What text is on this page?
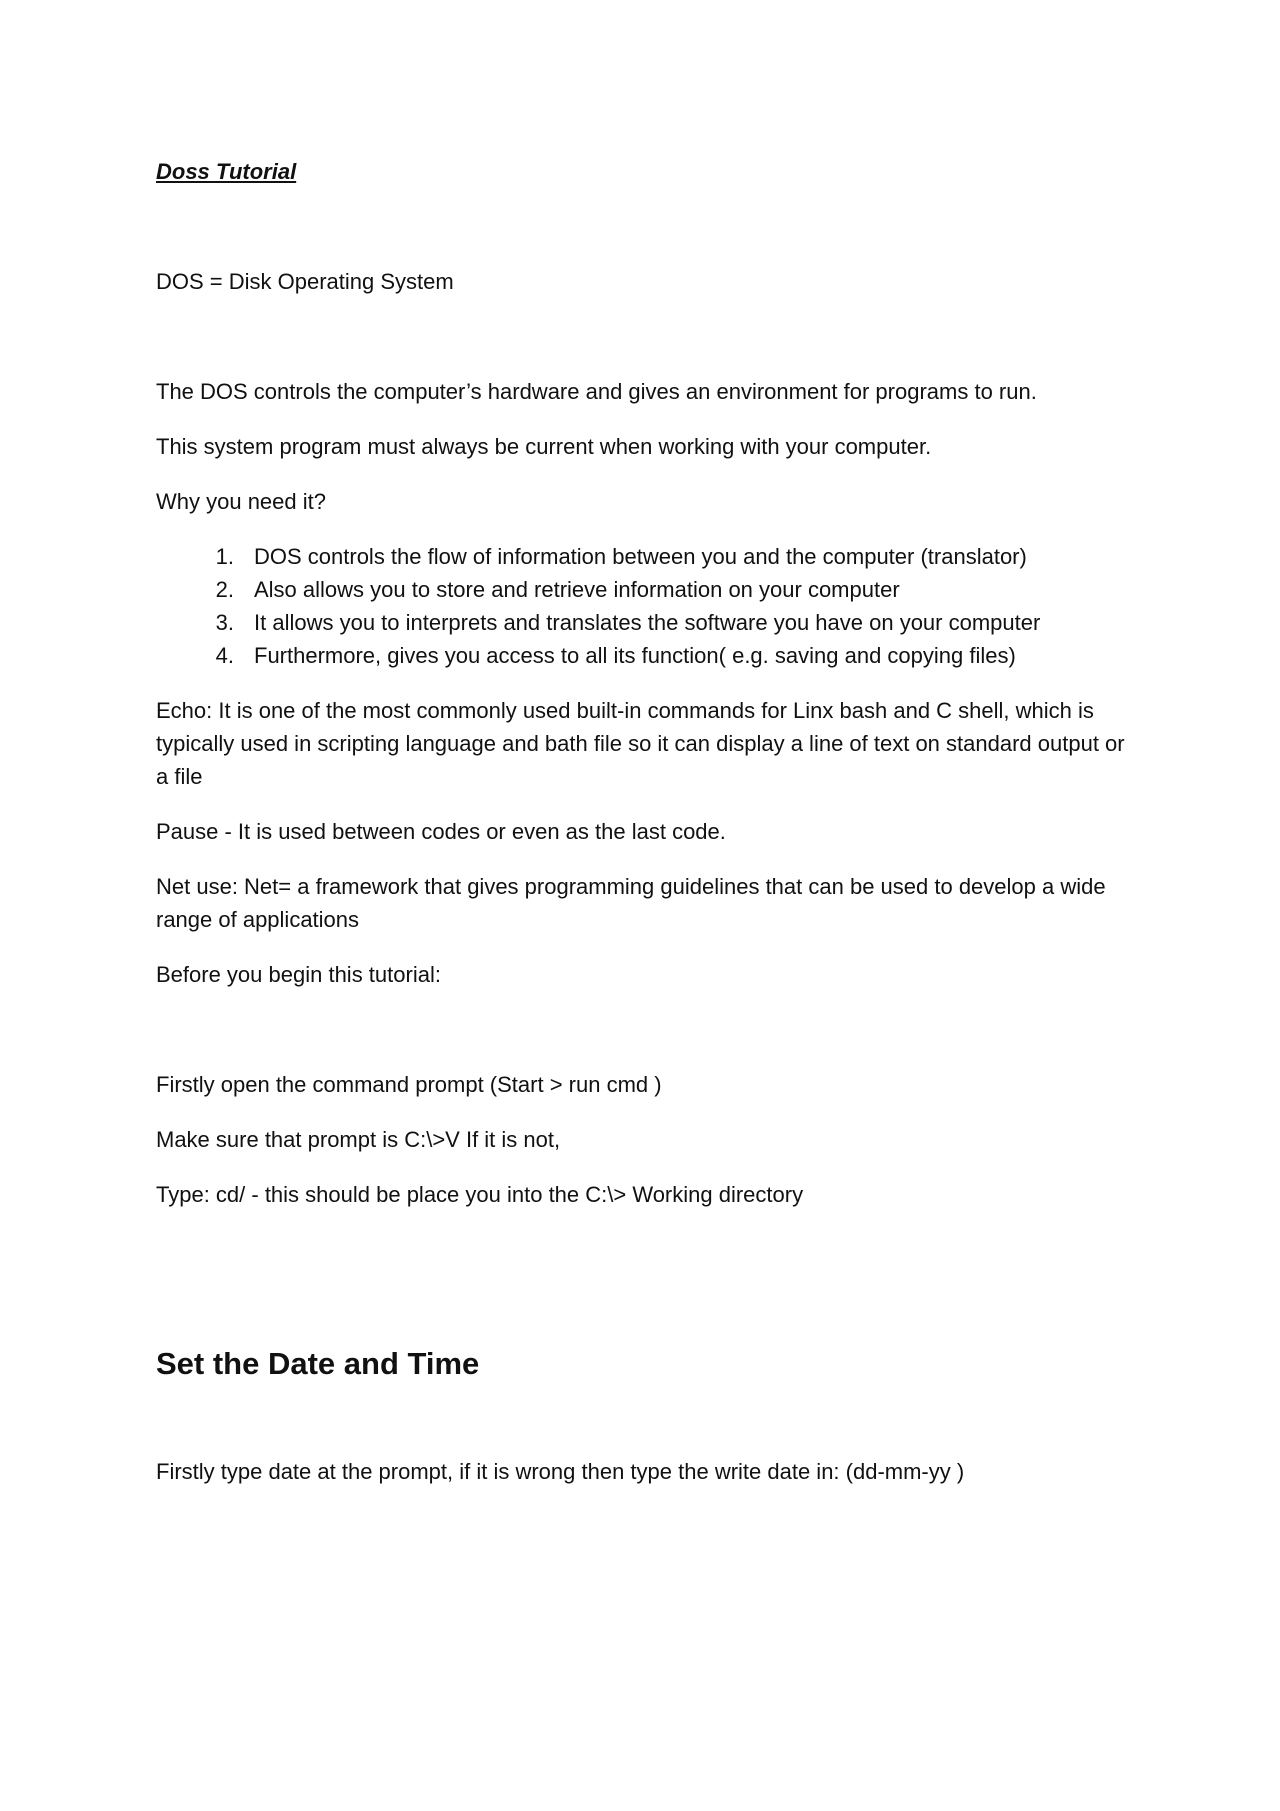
Doss Tutorial

DOS = Disk Operating System

The DOS controls the computer’s hardware and gives an environment for programs to run.

This system program must always be current when working with your computer.

Why you need it?

1. DOS controls the flow of information between you and the computer (translator)
2. Also allows you to store and retrieve information on your computer
3. It allows you to interprets and translates the software you have on your computer
4. Furthermore, gives you access to all its function( e.g. saving and copying files)

Echo: It is one of the most commonly used built-in commands for Linx bash and C shell, which is typically used in scripting language and bath file so it can display a line of text on standard output or a file

Pause - It is used between codes or even as the last code.

Net use: Net= a framework that gives programming guidelines that can be used to develop a wide range of applications

Before you begin this tutorial:

Firstly open the command prompt (Start > run cmd )

Make sure that prompt is C:\>V If it is not,

Type: cd/ - this should be place you into the C:\> Working directory

Set the Date and Time

Firstly type date at the prompt, if it is wrong then type the write date in: (dd-mm-yy )
